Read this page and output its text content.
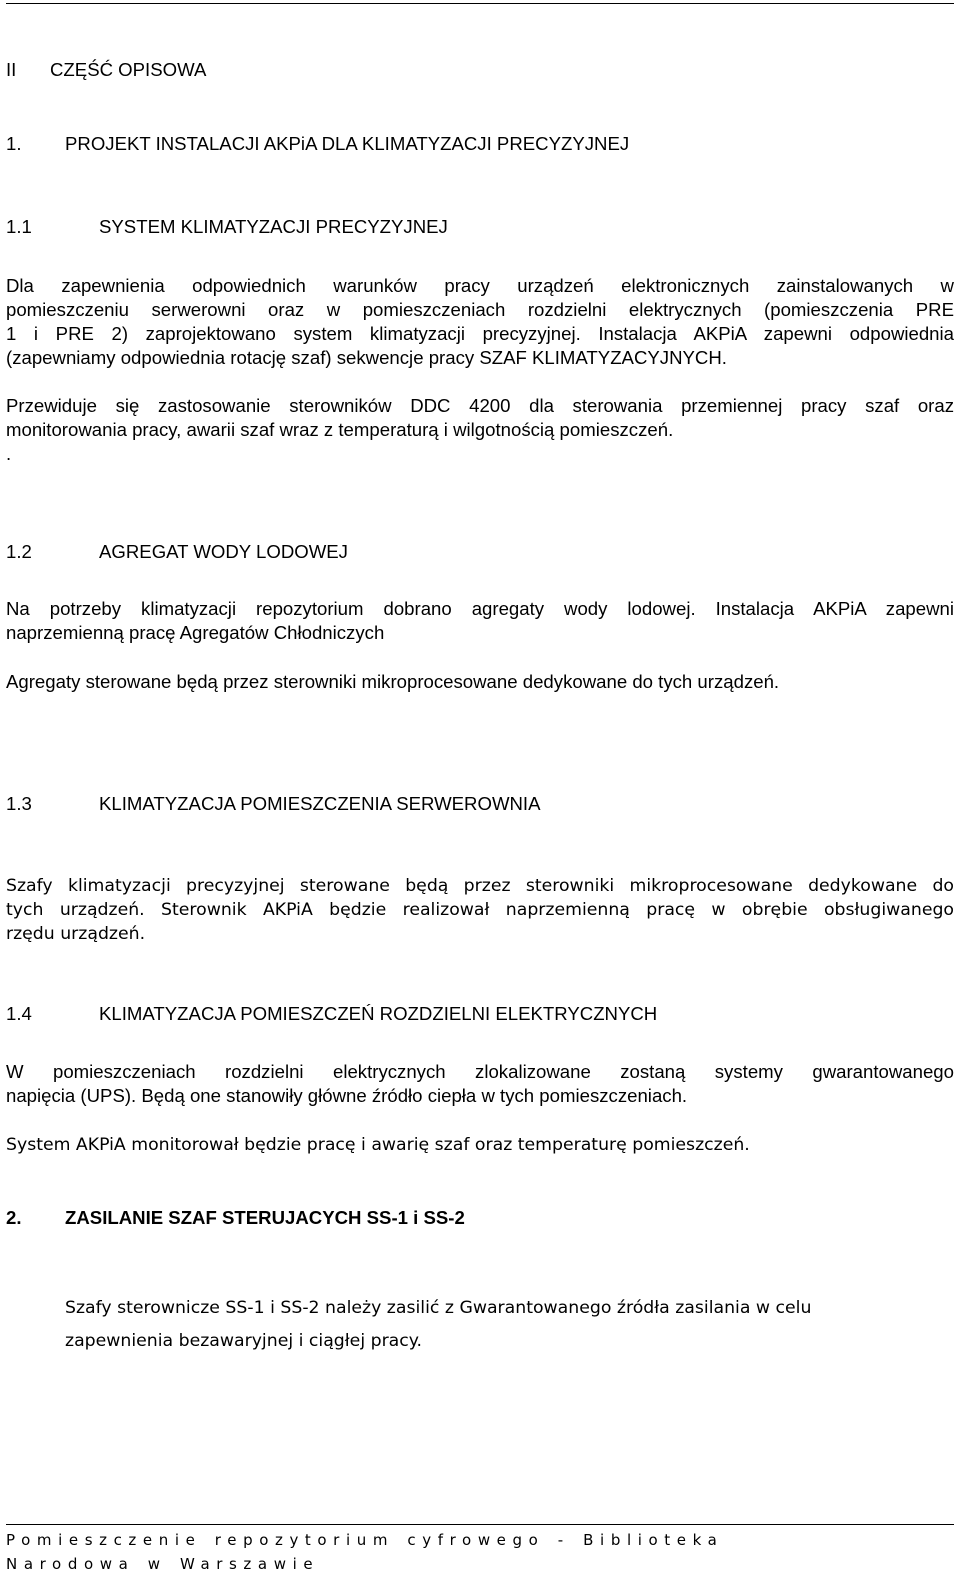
II CZĘŚĆ OPISOWA
1. PROJEKT INSTALACJI AKPiA DLA KLIMATYZACJI PRECYZYJNEJ
1.1	SYSTEM KLIMATYZACJI PRECYZYJNEJ
Dla zapewnienia odpowiednich warunków pracy urządzeń elektronicznych zainstalowanych w
pomieszczeniu serwerowni oraz w pomieszczeniach rozdzielni elektrycznych (pomieszczenia PRE
1 i PRE 2) zaprojektowano system klimatyzacji precyzyjnej. Instalacja AKPiA zapewni odpowiednia
(zapewniamy odpowiednia rotację szaf) sekwencje pracy SZAF KLIMATYZACYJNYCH.
Przewiduje się zastosowanie sterowników DDC 4200 dla sterowania przemiennej pracy szaf oraz
monitorowania pracy, awarii szaf wraz z temperaturą i wilgotnością pomieszczeń.
.
1.2	AGREGAT WODY LODOWEJ
Na potrzeby klimatyzacji repozytorium dobrano agregaty wody lodowej. Instalacja AKPiA zapewni
naprzemienną pracę Agregatów Chłodniczych
Agregaty sterowane będą przez sterowniki mikroprocesowane dedykowane do tych urządzeń.
1.3	KLIMATYZACJA POMIESZCZENIA SERWEROWNIA
Szafy klimatyzacji precyzyjnej sterowane będą przez sterowniki mikroprocesowane dedykowane do
tych urządzeń. Sterownik AKPiA będzie realizował naprzemienną pracę w obrębie obsługiwanego
rzędu urządzeń.
1.4	KLIMATYZACJA POMIESZCZEŃ ROZDZIELNI ELEKTRYCZNYCH
W pomieszczeniach rozdzielni elektrycznych zlokalizowane zostaną systemy gwarantowanego
napięcia (UPS). Będą one stanowiły główne źródło ciepła w tych pomieszczeniach.
System AKPiA monitorował będzie pracę i awarię szaf oraz temperaturę pomieszczeń.
2. ZASILANIE SZAF STERUJACYCH SS-1 i SS-2
Szafy sterownicze SS-1 i SS-2 należy zasilić z Gwarantowanego źródła zasilania w celu
zapewnienia bezawaryjnej i ciągłej pracy.
Pomieszczenie repozytorium cyfrowego - Biblioteka Narodowa w Warszawie
